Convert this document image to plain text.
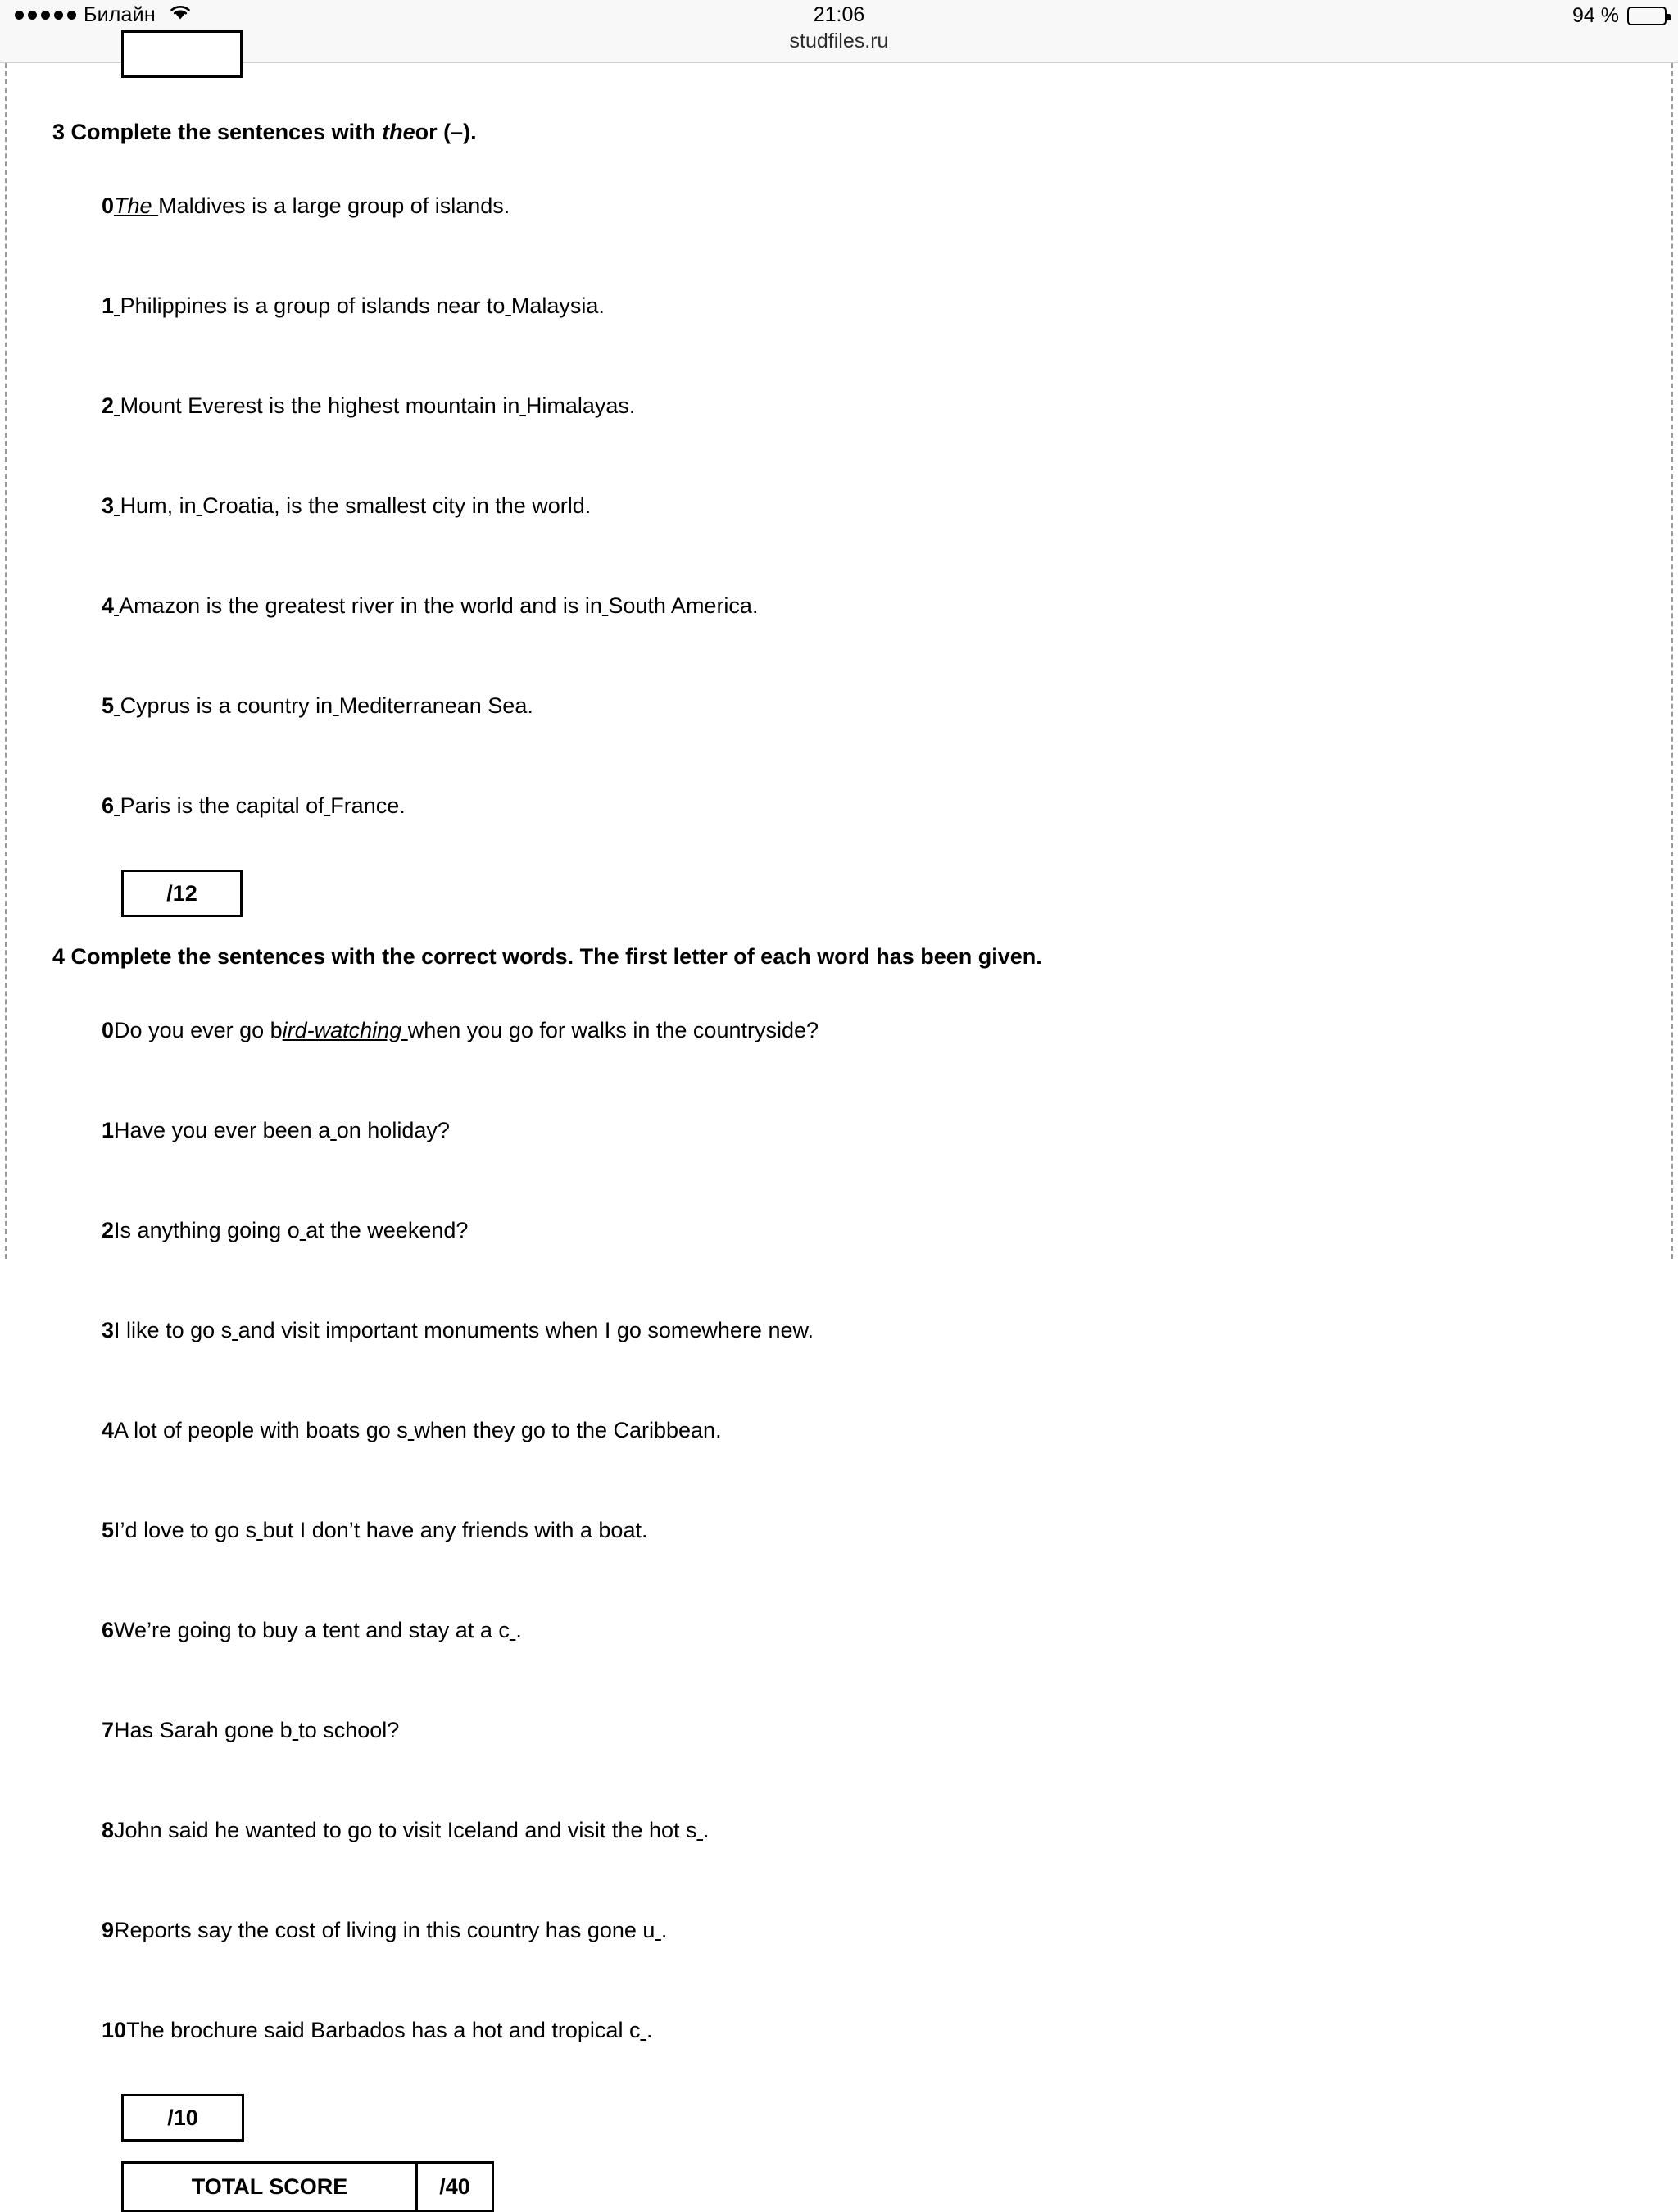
Билайн	21:06
studfiles.ru
94 %
3 Complete the sentences with theor (–).

0The Maldives is a large group of islands.

1 Philippines is a group of islands near to Malaysia.

2 Mount Everest is the highest mountain in Himalayas.

3 Hum, in Croatia, is the smallest city in the world.

4 Amazon is the greatest river in the world and is in South America.

5 Cyprus is a country in Mediterranean Sea.

6 Paris is the capital of France.

/12
4 Complete the sentences with the correct words. The first letter of each word has been given.

0Do you ever go bird-watching when you go for walks in the countryside?

1Have you ever been a on holiday?

2Is anything going o at the weekend?

3I like to go s and visit important monuments when I go somewhere new.

4A lot of people with boats go s when they go to the Caribbean.

5I’d love to go s but I don’t have any friends with a boat.

6We’re going to buy a tent and stay at a c .

7Has Sarah gone b to school?

8John said he wanted to go to visit Iceland and visit the hot s .

9Reports say the cost of living in this country has gone u .

10The brochure said Barbados has a hot and tropical c .

/10
TOTAL SCORE	/40
